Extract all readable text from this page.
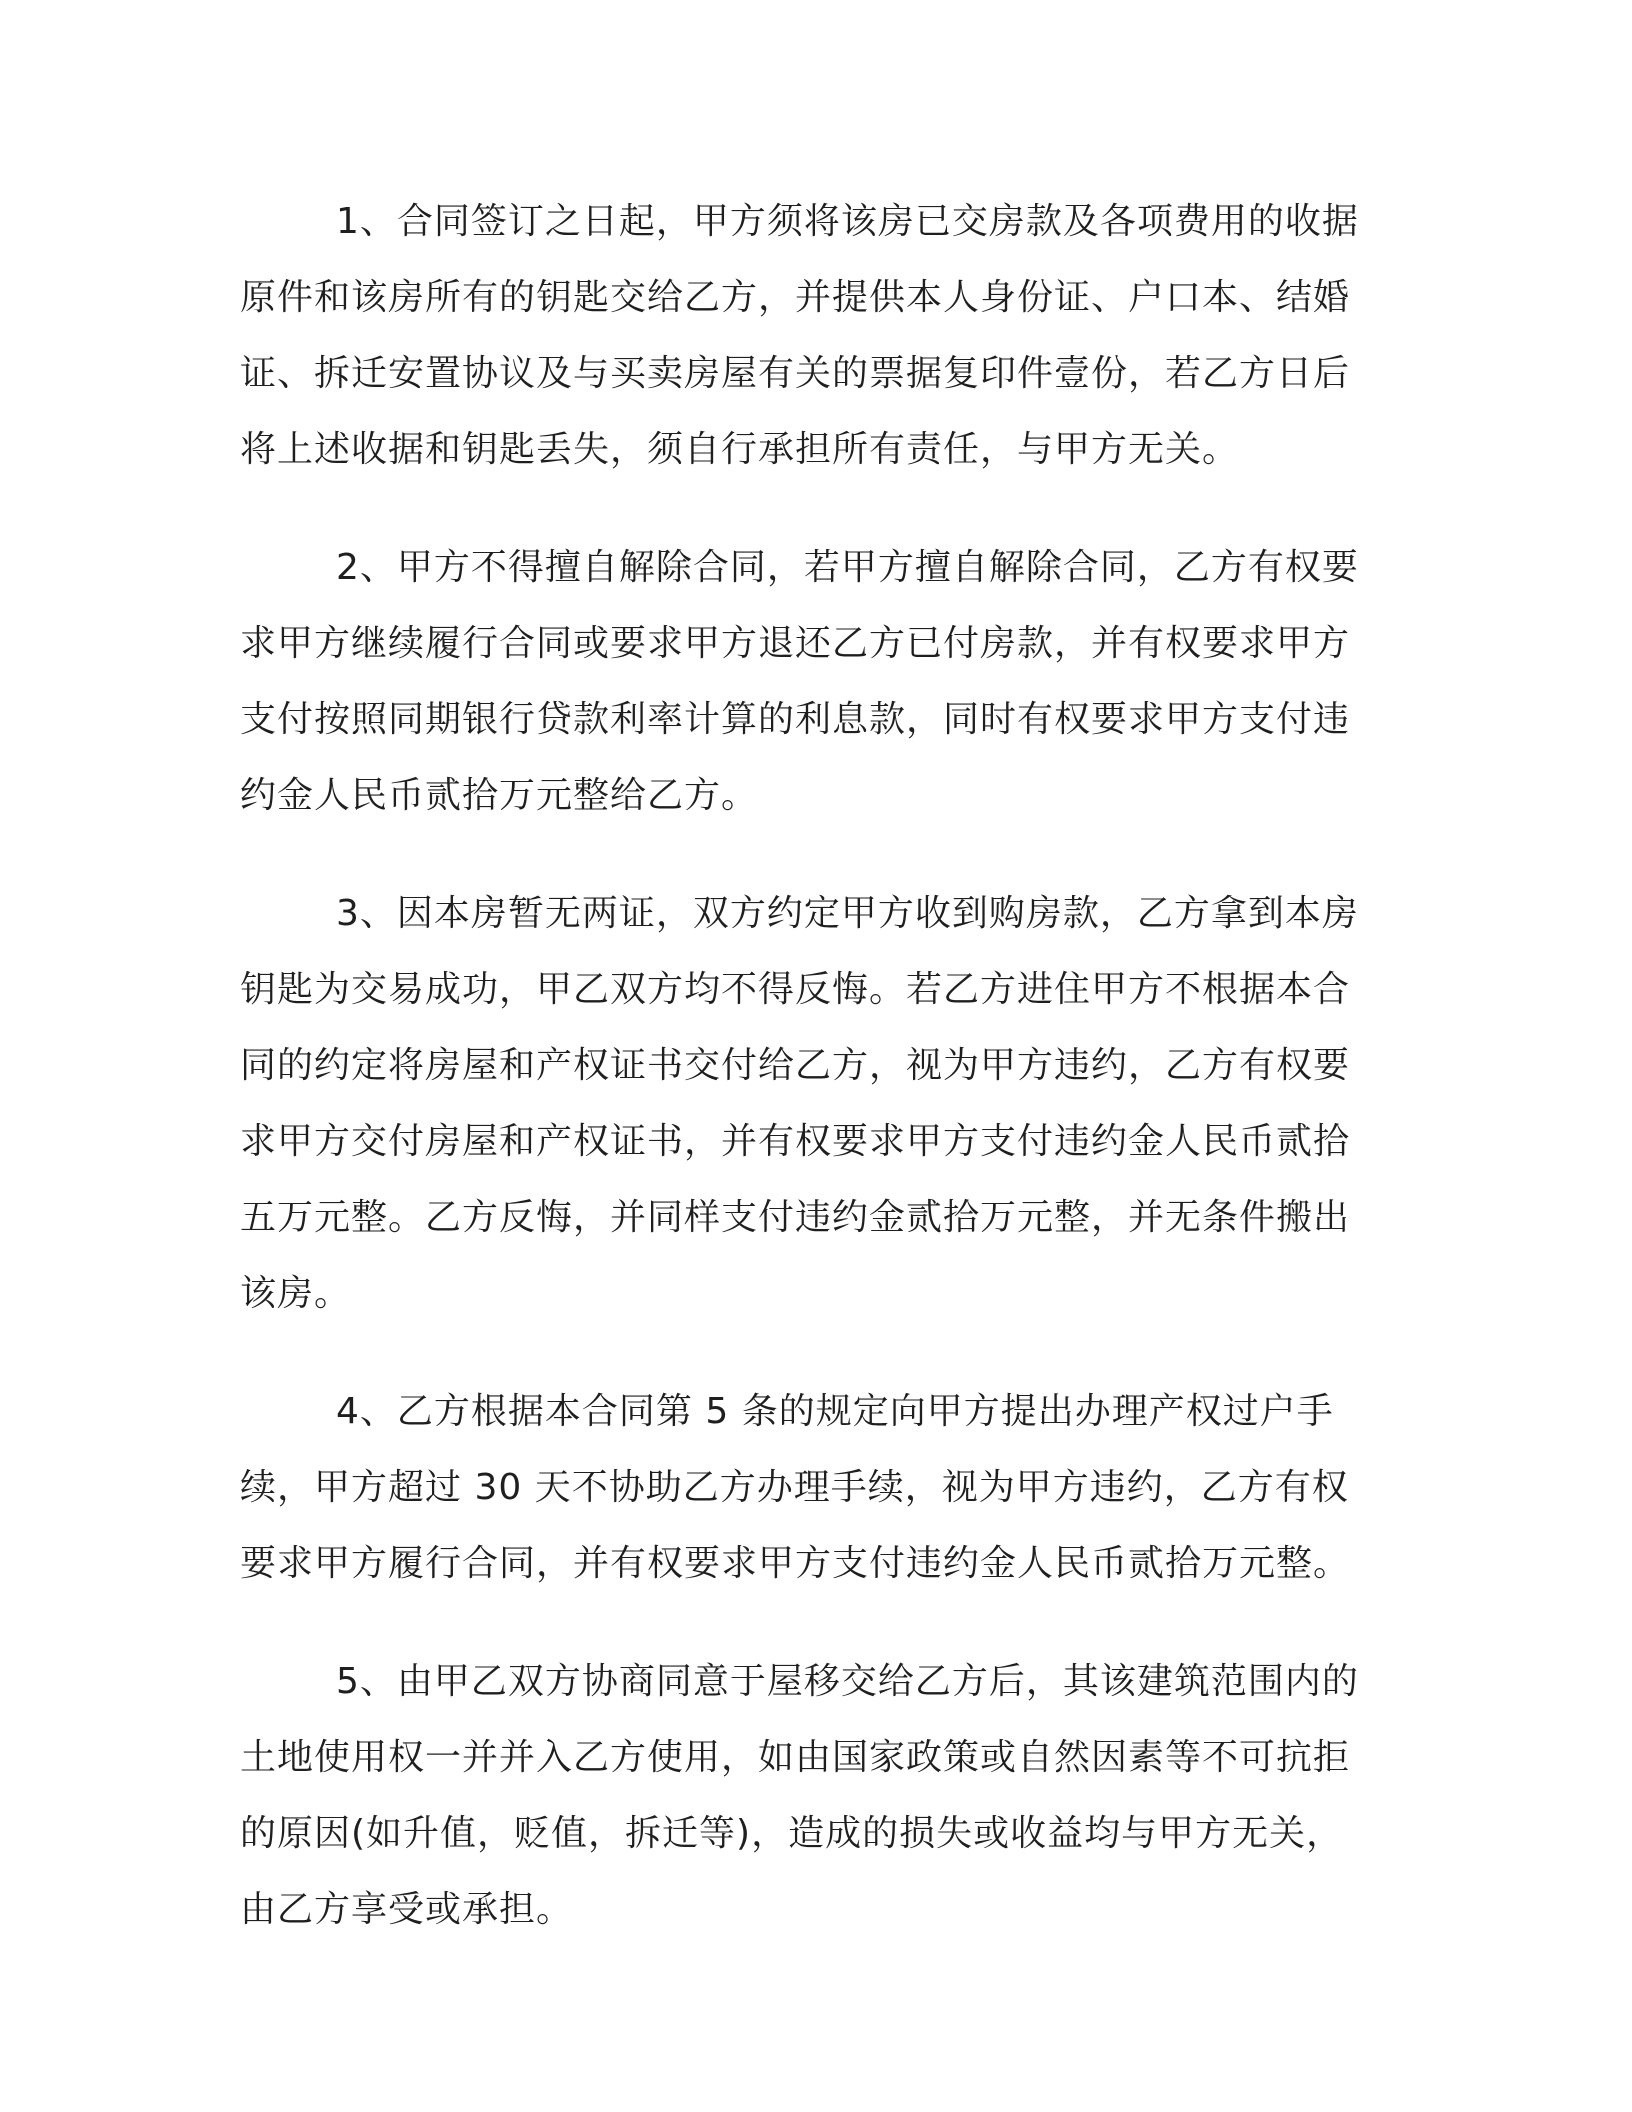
1、合同签订之日起，甲方须将该房已交房款及各项费用的收据原件和该房所有的钥匙交给乙方，并提供本人身份证、户口本、结婚证、拆迁安置协议及与买卖房屋有关的票据复印件壹份，若乙方日后将上述收据和钥匙丢失，须自行承担所有责任，与甲方无关。

2、甲方不得擅自解除合同，若甲方擅自解除合同，乙方有权要求甲方继续履行合同或要求甲方退还乙方已付房款，并有权要求甲方支付按照同期银行贷款利率计算的利息款，同时有权要求甲方支付违约金人民币贰拾万元整给乙方。

3、因本房暂无两证，双方约定甲方收到购房款，乙方拿到本房钥匙为交易成功，甲乙双方均不得反悔。若乙方进住甲方不根据本合同的约定将房屋和产权证书交付给乙方，视为甲方违约，乙方有权要求甲方交付房屋和产权证书，并有权要求甲方支付违约金人民币贰拾五万元整。乙方反悔，并同样支付违约金贰拾万元整，并无条件搬出该房。

4、乙方根据本合同第 5 条的规定向甲方提出办理产权过户手续，甲方超过 30 天不协助乙方办理手续，视为甲方违约，乙方有权要求甲方履行合同，并有权要求甲方支付违约金人民币贰拾万元整。

5、由甲乙双方协商同意于屋移交给乙方后，其该建筑范围内的土地使用权一并并入乙方使用，如由国家政策或自然因素等不可抗拒的原因(如升值，贬值，拆迁等)，造成的损失或收益均与甲方无关，由乙方享受或承担。
